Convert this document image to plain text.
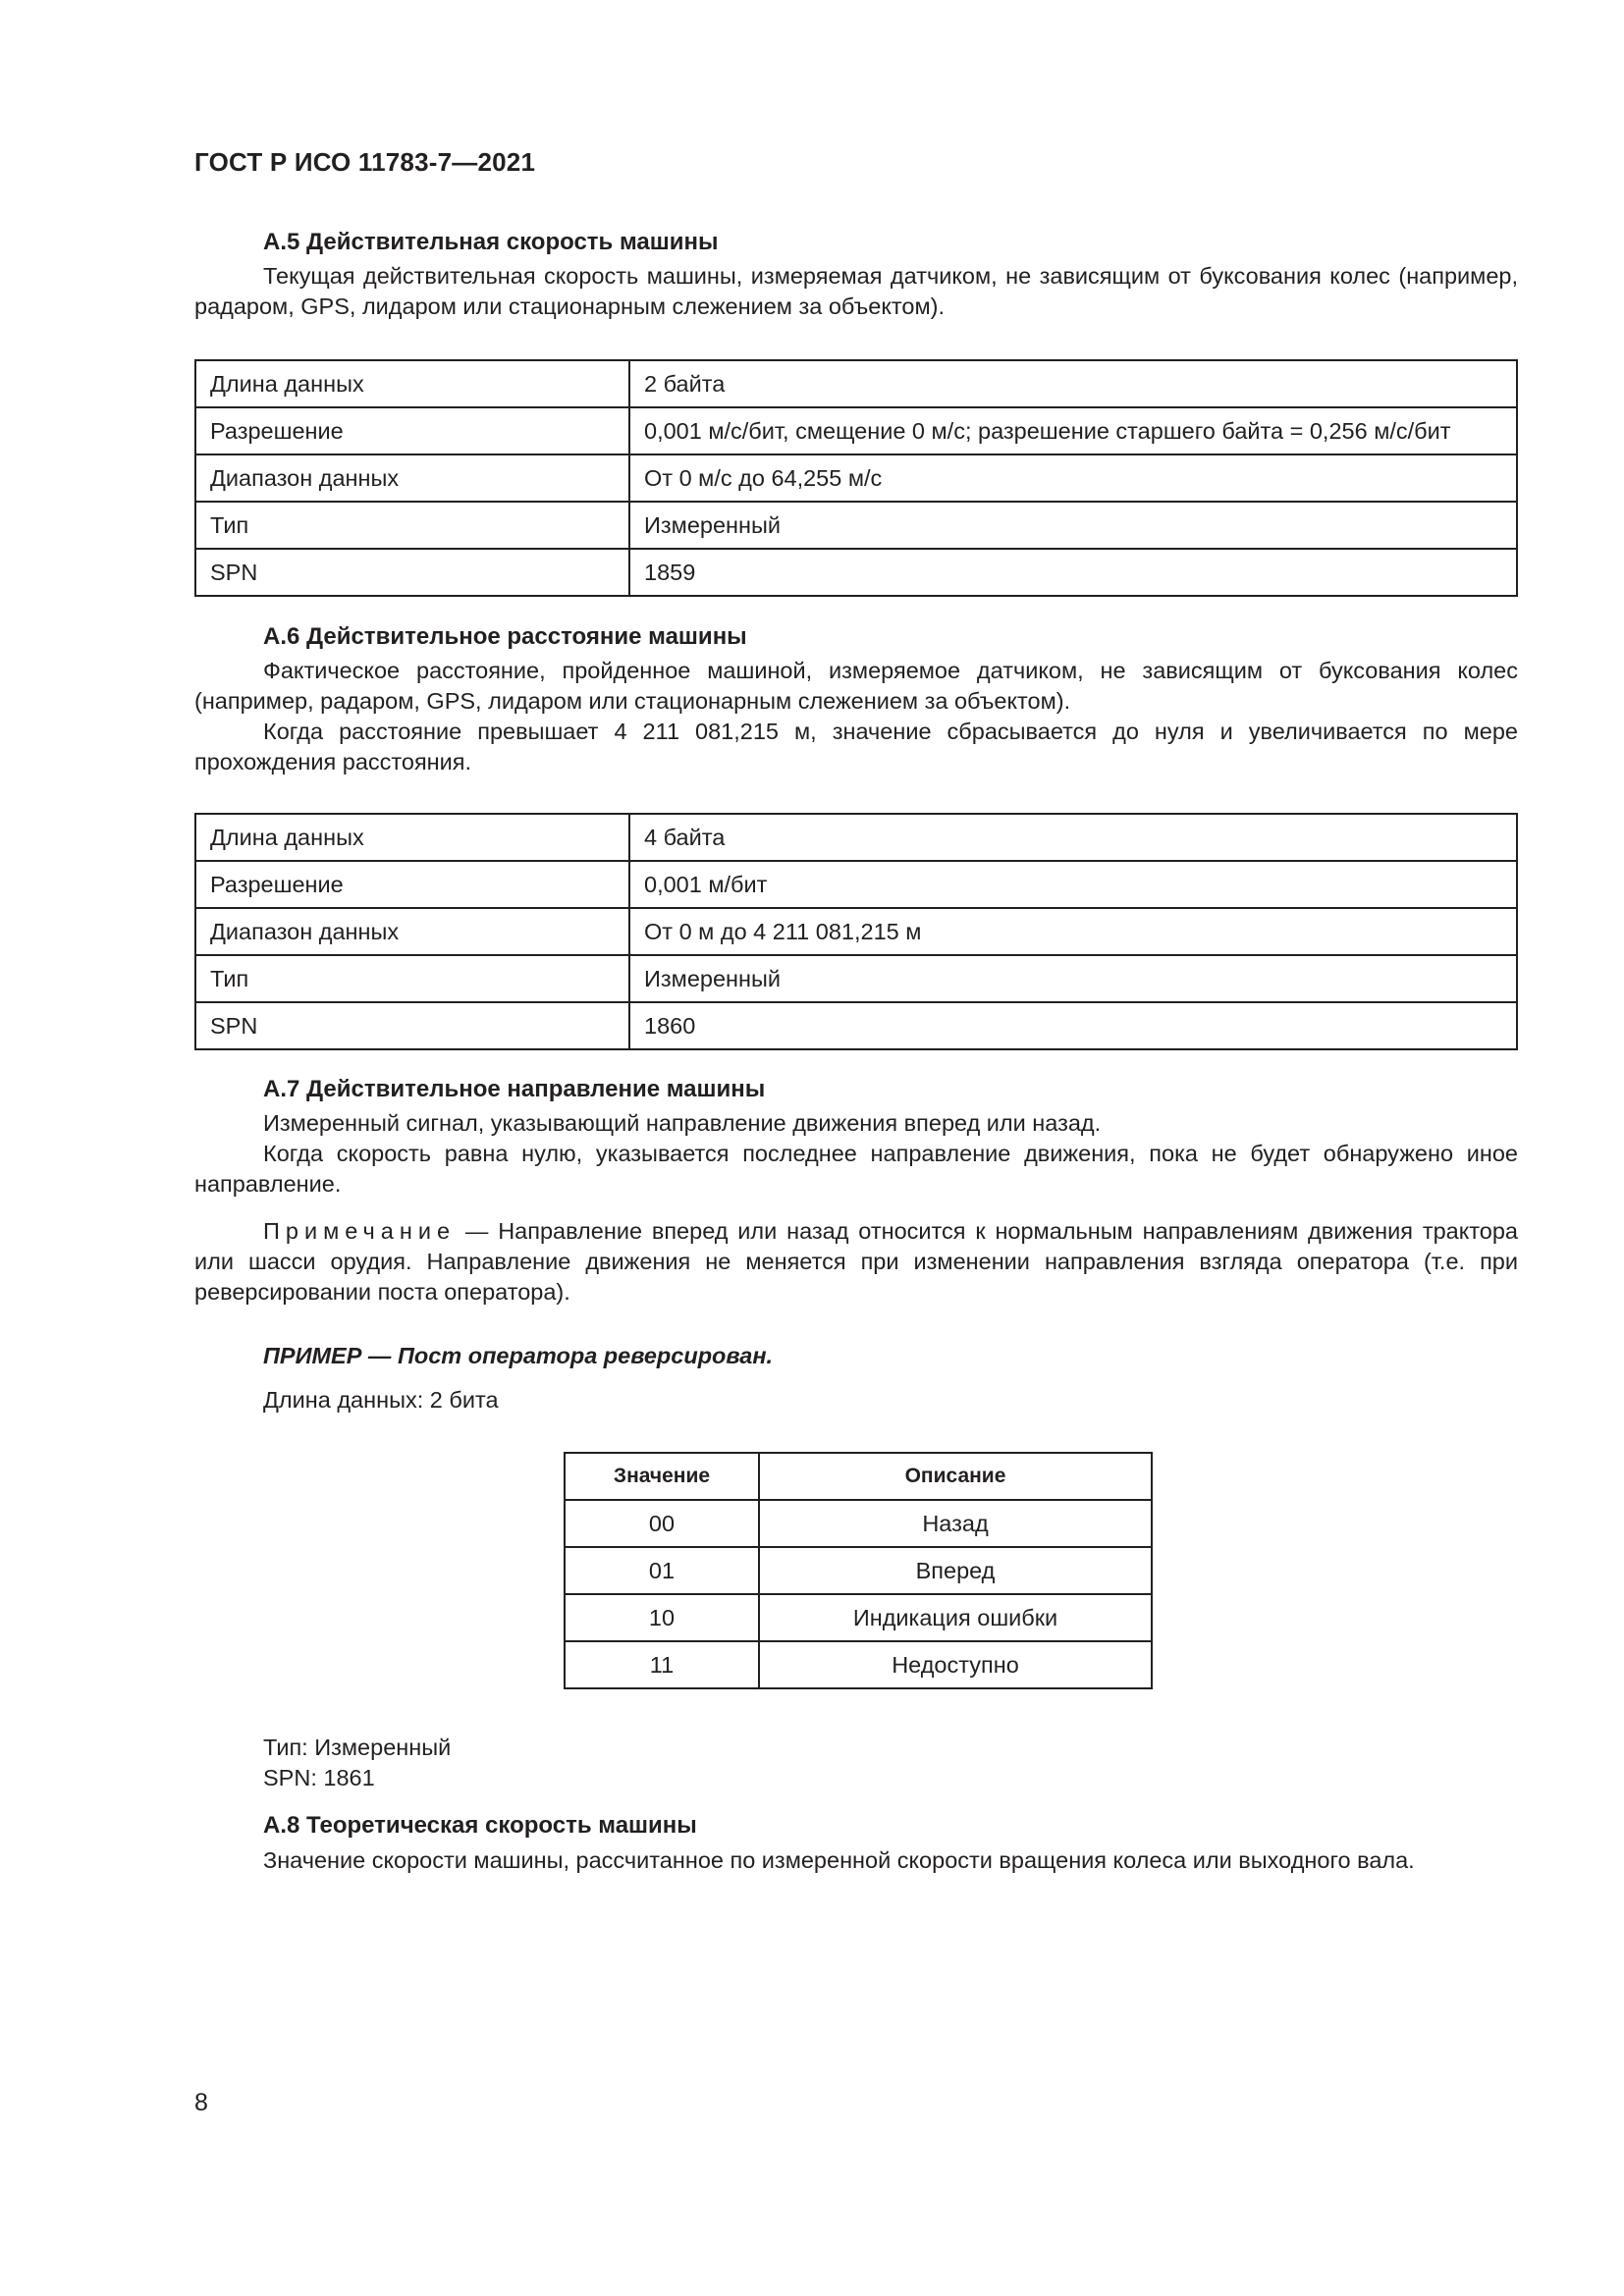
ГОСТ Р ИСО 11783-7—2021
А.5 Действительная скорость машины
Текущая действительная скорость машины, измеряемая датчиком, не зависящим от буксования колес (например, радаром, GPS, лидаром или стационарным слежением за объектом).
Длина данных	2 байта
Разрешение	0,001 м/с/бит, смещение 0 м/с; разрешение старшего байта = 0,256 м/с/бит
Диапазон данных	От 0 м/с до 64,255 м/с
Тип	Измеренный
SPN	1859
А.6 Действительное расстояние машины
Фактическое расстояние, пройденное машиной, измеряемое датчиком, не зависящим от буксования колес (например, радаром, GPS, лидаром или стационарным слежением за объектом).
Когда расстояние превышает 4 211 081,215 м, значение сбрасывается до нуля и увеличивается по мере прохождения расстояния.
Длина данных	4 байта
Разрешение	0,001 м/бит
Диапазон данных	От 0 м до 4 211 081,215 м
Тип	Измеренный
SPN	1860
А.7 Действительное направление машины
Измеренный сигнал, указывающий направление движения вперед или назад.
Когда скорость равна нулю, указывается последнее направление движения, пока не будет обнаружено иное направление.
Примечание — Направление вперед или назад относится к нормальным направлениям движения трактора или шасси орудия. Направление движения не меняется при изменении направления взгляда оператора (т.е. при реверсировании поста оператора).
ПРИМЕР — Пост оператора реверсирован.
Длина данных: 2 бита
Значение	Описание
00	Назад
01	Вперед
10	Индикация ошибки
11	Недоступно
Тип: Измеренный
SPN: 1861
А.8 Теоретическая скорость машины
Значение скорости машины, рассчитанное по измеренной скорости вращения колеса или выходного вала.
8
